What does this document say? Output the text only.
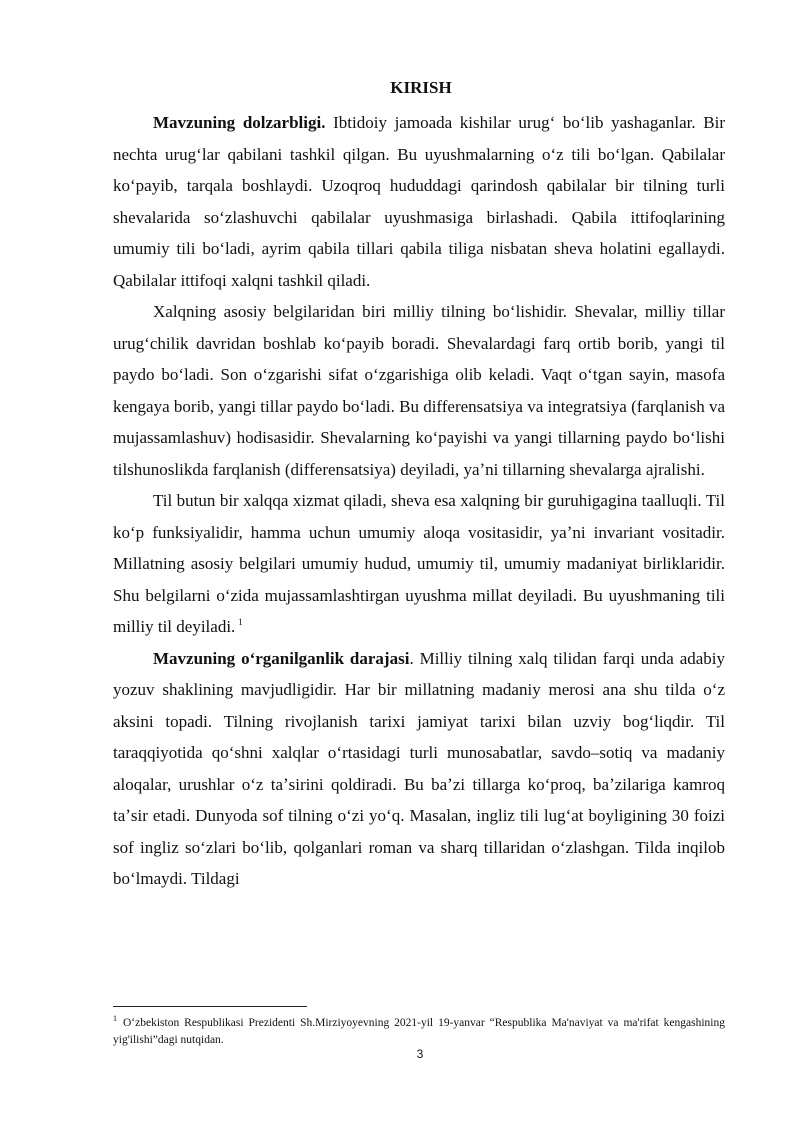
KIRISH

Mavzuning dolzarbligi. Ibtidoiy jamoada kishilar urugʻ boʻlib yashaganlar. Bir nechta urugʻlar qabilani tashkil qilgan. Bu uyushmalarning oʻz tili boʻlgan. Qabilalar koʻpayib, tarqala boshlaydi. Uzoqroq hududdagi qarindosh qabilalar bir tilning turli shevalarida soʻzlashuvchi qabilalar uyushmasiga birlashadi. Qabila ittifoqlarining umumiy tili boʻladi, ayrim qabila tillari qabila tiliga nisbatan sheva holatini egallaydi. Qabilalar ittifoqi xalqni tashkil qiladi.

Xalqning asosiy belgilaridan biri milliy tilning boʻlishidir. Shevalar, milliy tillar urugʻchilik davridan boshlab koʻpayib boradi. Shevalardagi farq ortib borib, yangi til paydo boʻladi. Son oʻzgarishi sifat oʻzgarishiga olib keladi. Vaqt oʻtgan sayin, masofa kengaya borib, yangi tillar paydo boʻladi. Bu differensatsiya va integratsiya (farqlanish va mujassamlashuv) hodisasidir. Shevalarning koʻpayishi va yangi tillarning paydo boʻlishi tilshunoslikda farqlanish (differensatsiya) deyiladi, yaʼni tillarning shevalarga ajralishi.

Til butun bir xalqqa xizmat qiladi, sheva esa xalqning bir guruhigagina taalluqli. Til koʻp funksiyalidir, hamma uchun umumiy aloqa vositasidir, yaʼni invariant vositadir. Millatning asosiy belgilari umumiy hudud, umumiy til, umumiy madaniyat birliklaridir. Shu belgilarni oʻzida mujassamlashtirgan uyushma millat deyiladi. Bu uyushmaning tili milliy til deyiladi. $^1$

Mavzuning oʻrganilganlik darajasi. Milliy tilning xalq tilidan farqi unda adabiy yozuv shaklining mavjudligidir. Har bir millatning madaniy merosi ana shu tilda oʻz aksini topadi. Tilning rivojlanish tarixi jamiyat tarixi bilan uzviy bogʻliqdir. Til taraqqiyotida qoʻshni xalqlar oʻrtasidagi turli munosabatlar, savdo–sotiq va madaniy aloqalar, urushlar oʻz taʼsirini qoldiradi. Bu baʼzi tillarga koʻproq, baʼzilariga kamroq taʼsir etadi. Dunyoda sof tilning oʻzi yoʻq. Masalan, ingliz tili lugʻat boyligining 30 foizi sof ingliz soʻzlari boʻlib, qolganlari roman va sharq tillaridan oʻzlashgan. Tilda inqilob boʻlmaydi. Tildagi

$^1$ Oʻzbekiston Respublikasi Prezidenti Sh.Mirziyoyevning 2021-yil 19-yanvar “Respublika Ma'naviyat va ma'rifat kengashining yig'ilishi”dagi nutqidan.
3
